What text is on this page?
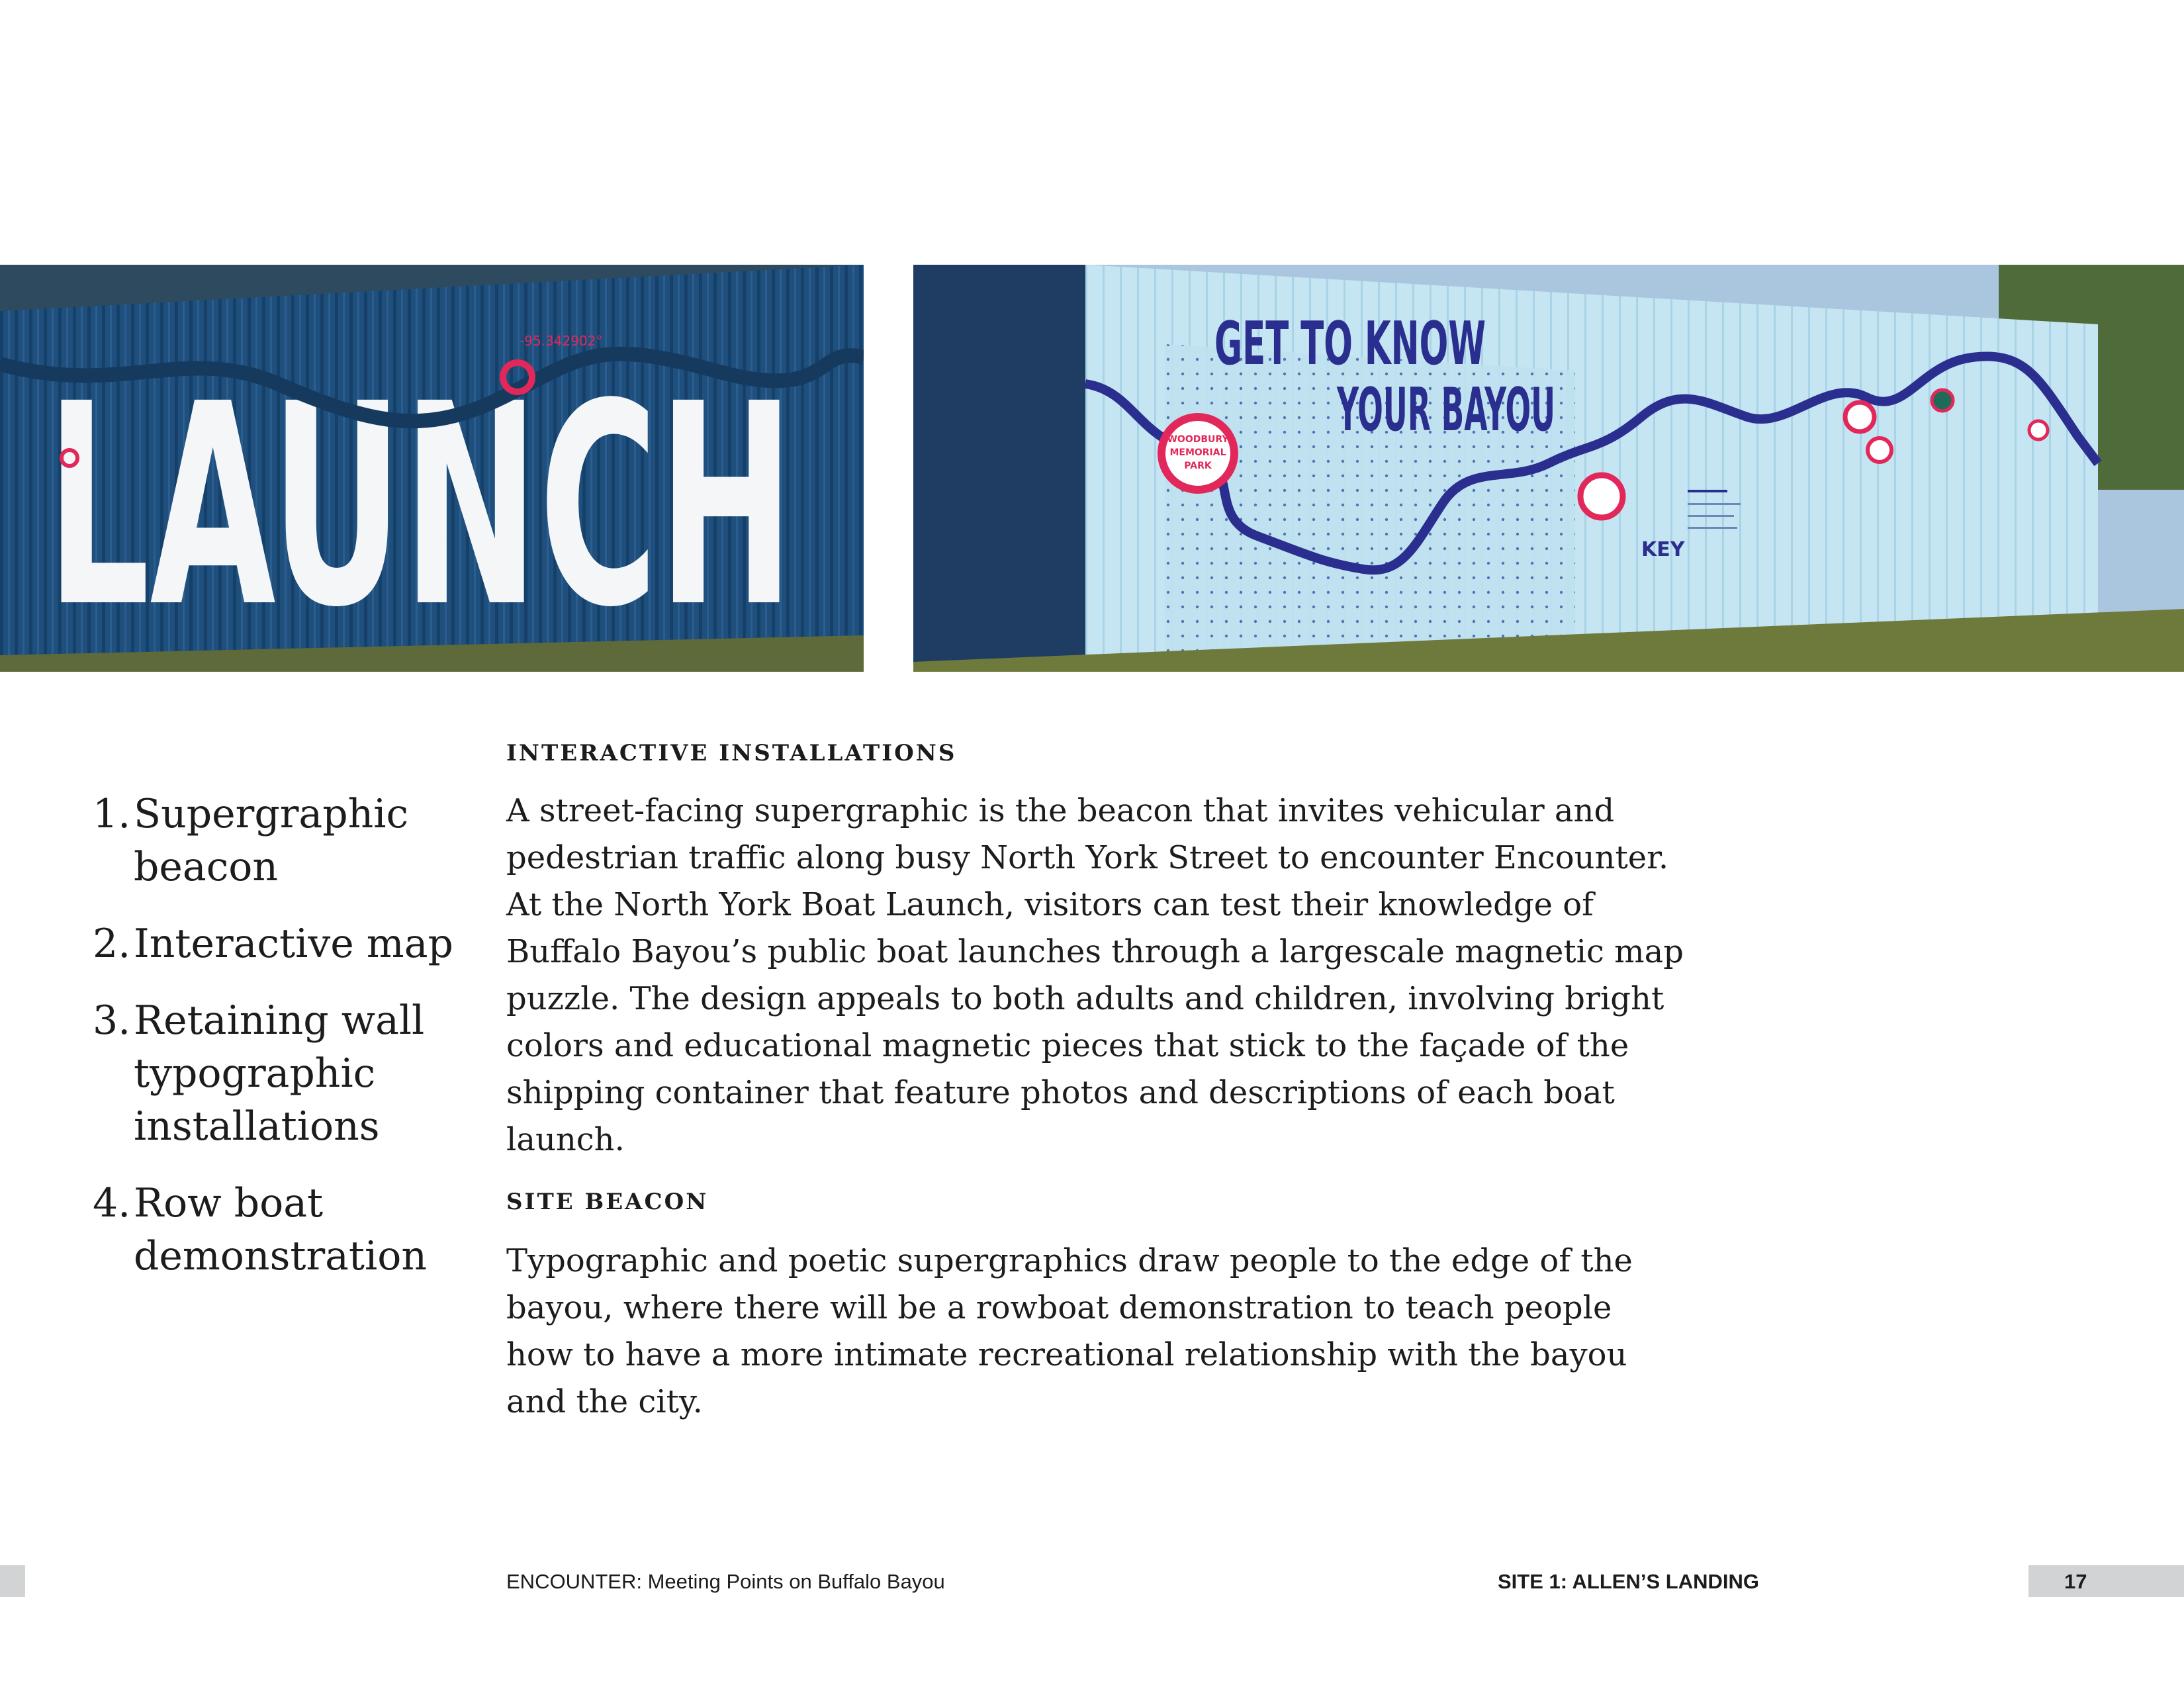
LAUNCH
-95.342902°	GET TO KNOW
YOUR BAYOU
WOODBURY
MEMORIAL
PARK
KEY
1. Supergraphic beacon
2. Interactive map
3. Retaining wall typographic installations
4. Row boat demonstration
INTERACTIVE INSTALLATIONS
A street-facing supergraphic is the beacon that invites vehicular and pedestrian traffic along busy North York Street to encounter Encounter. At the North York Boat Launch, visitors can test their knowledge of Buffalo Bayou’s public boat launches through a largescale magnetic map puzzle. The design appeals to both adults and children, involving bright colors and educational magnetic pieces that stick to the façade of the shipping container that feature photos and descriptions of each boat launch.
SITE BEACON
Typographic and poetic supergraphics draw people to the edge of the bayou, where there will be a rowboat demonstration to teach people how to have a more intimate recreational relationship with the bayou and the city.
ENCOUNTER: Meeting Points on Buffalo Bayou	SITE 1: ALLEN’S LANDING	17
